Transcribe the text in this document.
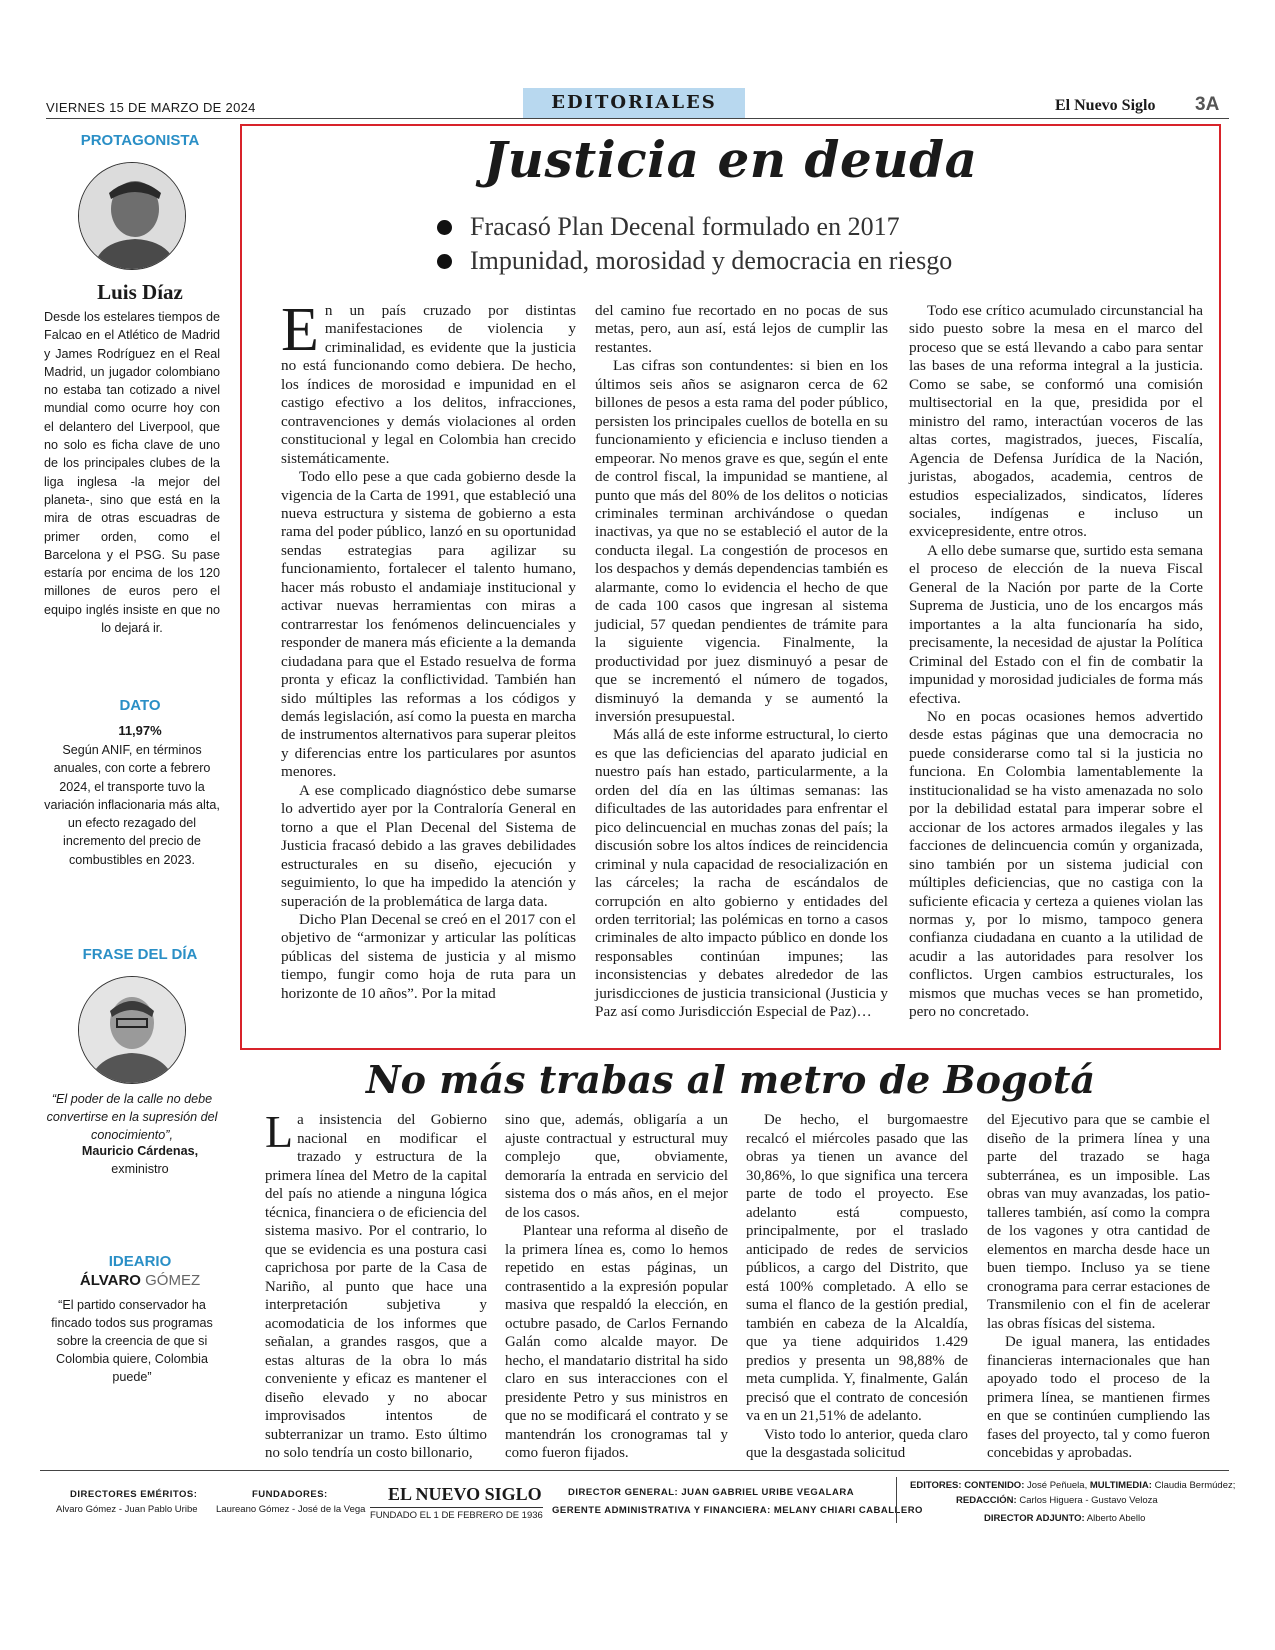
VIERNES 15 DE MARZO DE 2024	EDITORIALES	El Nuevo Siglo 3A
PROTAGONISTA
Luis Díaz
Desde los estelares tiempos de Falcao en el Atlético de Madrid y James Rodríguez en el Real Madrid, un jugador colombiano no estaba tan cotizado a nivel mundial como ocurre hoy con el delantero del Liverpool, que no solo es ficha clave de uno de los principales clubes de la liga inglesa -la mejor del planeta-, sino que está en la mira de otras escuadras de primer orden, como el Barcelona y el PSG. Su pase estaría por encima de los 120 millones de euros pero el equipo inglés insiste en que no lo dejará ir.
DATO
11,97%
Según ANIF, en términos anuales, con corte a febrero 2024, el transporte tuvo la variación inflacionaria más alta, un efecto rezagado del incremento del precio de combustibles en 2023.
FRASE DEL DÍA
“El poder de la calle no debe convertirse en la supresión del conocimiento”,
Mauricio Cárdenas,
exministro
IDEARIO
ÁLVARO GÓMEZ
“El partido conservador ha fincado todos sus programas sobre la creencia de que si Colombia quiere, Colombia puede”
Justicia en deuda
Fracasó Plan Decenal formulado en 2017
Impunidad, morosidad y democracia en riesgo

En un país cruzado por distintas manifestaciones de violencia y criminalidad, es evidente que la justicia no está funcionando como debiera. De hecho, los índices de morosidad e impunidad en el castigo efectivo a los delitos, infracciones, contravenciones y demás violaciones al orden constitucional y legal en Colombia han crecido sistemáticamente.

Todo ello pese a que cada gobierno desde la vigencia de la Carta de 1991, que estableció una nueva estructura y sistema de gobierno a esta rama del poder público, lanzó en su oportunidad sendas estrategias para agilizar su funcionamiento, fortalecer el talento humano, hacer más robusto el andamiaje institucional y activar nuevas herramientas con miras a contrarrestar los fenómenos delincuenciales y responder de manera más eficiente a la demanda ciudadana para que el Estado resuelva de forma pronta y eficaz la conflictividad. También han sido múltiples las reformas a los códigos y demás legislación, así como la puesta en marcha de instrumentos alternativos para superar pleitos y diferencias entre los particulares por asuntos menores.

A ese complicado diagnóstico debe sumarse lo advertido ayer por la Contraloría General en torno a que el Plan Decenal del Sistema de Justicia fracasó debido a las graves debilidades estructurales en su diseño, ejecución y seguimiento, lo que ha impedido la atención y superación de la problemática de larga data.

Dicho Plan Decenal se creó en el 2017 con el objetivo de “armonizar y articular las políticas públicas del sistema de justicia y al mismo tiempo, fungir como hoja de ruta para un horizonte de 10 años”. Por la mitad

del camino fue recortado en no pocas de sus metas, pero, aun así, está lejos de cumplir las restantes.

Las cifras son contundentes: si bien en los últimos seis años se asignaron cerca de 62 billones de pesos a esta rama del poder público, persisten los principales cuellos de botella en su funcionamiento y eficiencia e incluso tienden a empeorar. No menos grave es que, según el ente de control fiscal, la impunidad se mantiene, al punto que más del 80% de los delitos o noticias criminales terminan archivándose o quedan inactivas, ya que no se estableció el autor de la conducta ilegal. La congestión de procesos en los despachos y demás dependencias también es alarmante, como lo evidencia el hecho de que de cada 100 casos que ingresan al sistema judicial, 57 quedan pendientes de trámite para la siguiente vigencia. Finalmente, la productividad por juez disminuyó a pesar de que se incrementó el número de togados, disminuyó la demanda y se aumentó la inversión presupuestal.

Más allá de este informe estructural, lo cierto es que las deficiencias del aparato judicial en nuestro país han estado, particularmente, a la orden del día en las últimas semanas: las dificultades de las autoridades para enfrentar el pico delincuencial en muchas zonas del país; la discusión sobre los altos índices de reincidencia criminal y nula capacidad de resocialización en las cárceles; la racha de escándalos de corrupción en alto gobierno y entidades del orden territorial; las polémicas en torno a casos criminales de alto impacto público en donde los responsables continúan impunes; las inconsistencias y debates alrededor de las jurisdicciones de justicia transicional (Justicia y Paz así como Jurisdicción Especial de Paz)…

Todo ese crítico acumulado circunstancial ha sido puesto sobre la mesa en el marco del proceso que se está llevando a cabo para sentar las bases de una reforma integral a la justicia. Como se sabe, se conformó una comisión multisectorial en la que, presidida por el ministro del ramo, interactúan voceros de las altas cortes, magistrados, jueces, Fiscalía, Agencia de Defensa Jurídica de la Nación, juristas, abogados, academia, centros de estudios especializados, sindicatos, líderes sociales, indígenas e incluso un exvicepresidente, entre otros.

A ello debe sumarse que, surtido esta semana el proceso de elección de la nueva Fiscal General de la Nación por parte de la Corte Suprema de Justicia, uno de los encargos más importantes a la alta funcionaría ha sido, precisamente, la necesidad de ajustar la Política Criminal del Estado con el fin de combatir la impunidad y morosidad judiciales de forma más efectiva.

No en pocas ocasiones hemos advertido desde estas páginas que una democracia no puede considerarse como tal si la justicia no funciona. En Colombia lamentablemente la institucionalidad se ha visto amenazada no solo por la debilidad estatal para imperar sobre el accionar de los actores armados ilegales y las facciones de delincuencia común y organizada, sino también por un sistema judicial con múltiples deficiencias, que no castiga con la suficiente eficacia y certeza a quienes violan las normas y, por lo mismo, tampoco genera confianza ciudadana en cuanto a la utilidad de acudir a las autoridades para resolver los conflictos. Urgen cambios estructurales, los mismos que muchas veces se han prometido, pero no concretado.

No más trabas al metro de Bogotá

La insistencia del Gobierno nacional en modificar el trazado y estructura de la primera línea del Metro de la capital del país no atiende a ninguna lógica técnica, financiera o de eficiencia del sistema masivo. Por el contrario, lo que se evidencia es una postura casi caprichosa por parte de la Casa de Nariño, al punto que hace una interpretación subjetiva y acomodaticia de los informes que señalan, a grandes rasgos, que a estas alturas de la obra lo más conveniente y eficaz es mantener el diseño elevado y no abocar improvisados intentos de subterranizar un tramo. Esto último no solo tendría un costo billonario,

sino que, además, obligaría a un ajuste contractual y estructural muy complejo que, obviamente, demoraría la entrada en servicio del sistema dos o más años, en el mejor de los casos.

Plantear una reforma al diseño de la primera línea es, como lo hemos repetido en estas páginas, un contrasentido a la expresión popular masiva que respaldó la elección, en octubre pasado, de Carlos Fernando Galán como alcalde mayor. De hecho, el mandatario distrital ha sido claro en sus interacciones con el presidente Petro y sus ministros en que no se modificará el contrato y se mantendrán los cronogramas tal y como fueron fijados.

De hecho, el burgomaestre recalcó el miércoles pasado que las obras ya tienen un avance del 30,86%, lo que significa una tercera parte de todo el proyecto. Ese adelanto está compuesto, principalmente, por el traslado anticipado de redes de servicios públicos, a cargo del Distrito, que está 100% completado. A ello se suma el flanco de la gestión predial, también en cabeza de la Alcaldía, que ya tiene adquiridos 1.429 predios y presenta un 98,88% de meta cumplida. Y, finalmente, Galán precisó que el contrato de concesión va en un 21,51% de adelanto.

Visto todo lo anterior, queda claro que la desgastada solicitud

del Ejecutivo para que se cambie el diseño de la primera línea y una parte del trazado se haga subterránea, es un imposible. Las obras van muy avanzadas, los patio-talleres también, así como la compra de los vagones y otra cantidad de elementos en marcha desde hace un buen tiempo. Incluso ya se tiene cronograma para cerrar estaciones de Transmilenio con el fin de acelerar las obras físicas del sistema.

De igual manera, las entidades financieras internacionales que han apoyado todo el proceso de la primera línea, se mantienen firmes en que se continúen cumpliendo las fases del proyecto, tal y como fueron concebidas y aprobadas.

DIRECTORES EMÉRITOS:
Alvaro Gómez - Juan Pablo Uribe
FUNDADORES:
Laureano Gómez - José de la Vega
EL NUEVO SIGLO
FUNDADO EL 1 DE FEBRERO DE 1936
DIRECTOR GENERAL: JUAN GABRIEL URIBE VEGALARA
GERENTE ADMINISTRATIVA Y FINANCIERA: MELANY CHIARI CABALLERO
EDITORES: CONTENIDO: José Peñuela, MULTIMEDIA: Claudia Bermúdez;
REDACCIÓN: Carlos Higuera - Gustavo Veloza
DIRECTOR ADJUNTO: Alberto Abello
